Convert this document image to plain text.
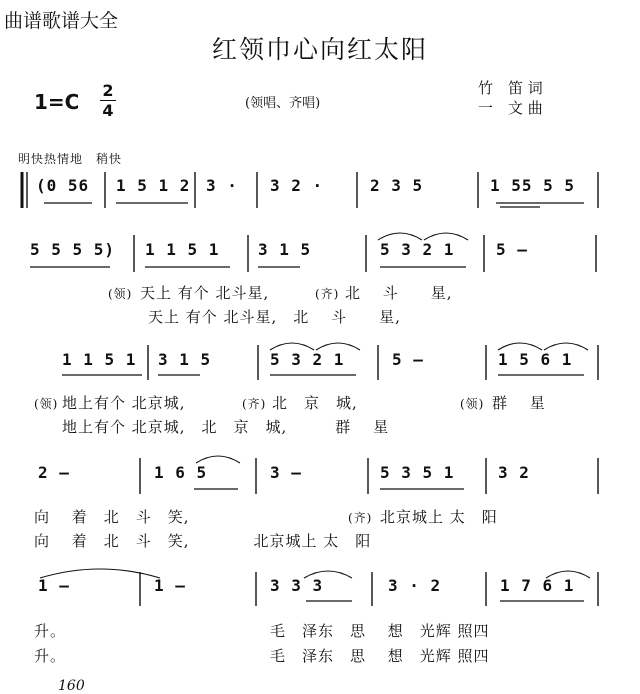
曲谱歌谱大全
红领巾心向红太阳
1=C 2
4	(领唱、齐唱)
竹　笛 词
一　文 曲
明快热情地　稍快
(0 56 1 5 1 2 3 · 3 2 ·	2 3 5	1 55 5 5
5 5 5 5) 1 1 5 1 3 1 5	5 3 2 1	5 —
(领) 天上 有个 北斗星,	(齐) 北　 斗　　星,
天上 有个 北斗星,　北　 斗　　星,
1 1 5 1 3 1 5	5 3 2 1	5 —	1 5 6 1
(领) 地上有个 北京城,	(齐) 北　京　城,	(领) 群　 星
地上有个 北京城,　北　京　城,　　　群　 星
2 —	1 6 5	3 —	5 3 5 1	3 2
向　 着　北　斗　笑,	(齐) 北京城上 太　阳
向　 着　北　斗　笑,　　　　北京城上 太　阳
1 —	1 —	3 3 3	3 · 2	1 7 6 1
升。	毛　泽东　思　 想　光辉 照四
升。	毛　泽东　思　 想　光辉 照四
160
